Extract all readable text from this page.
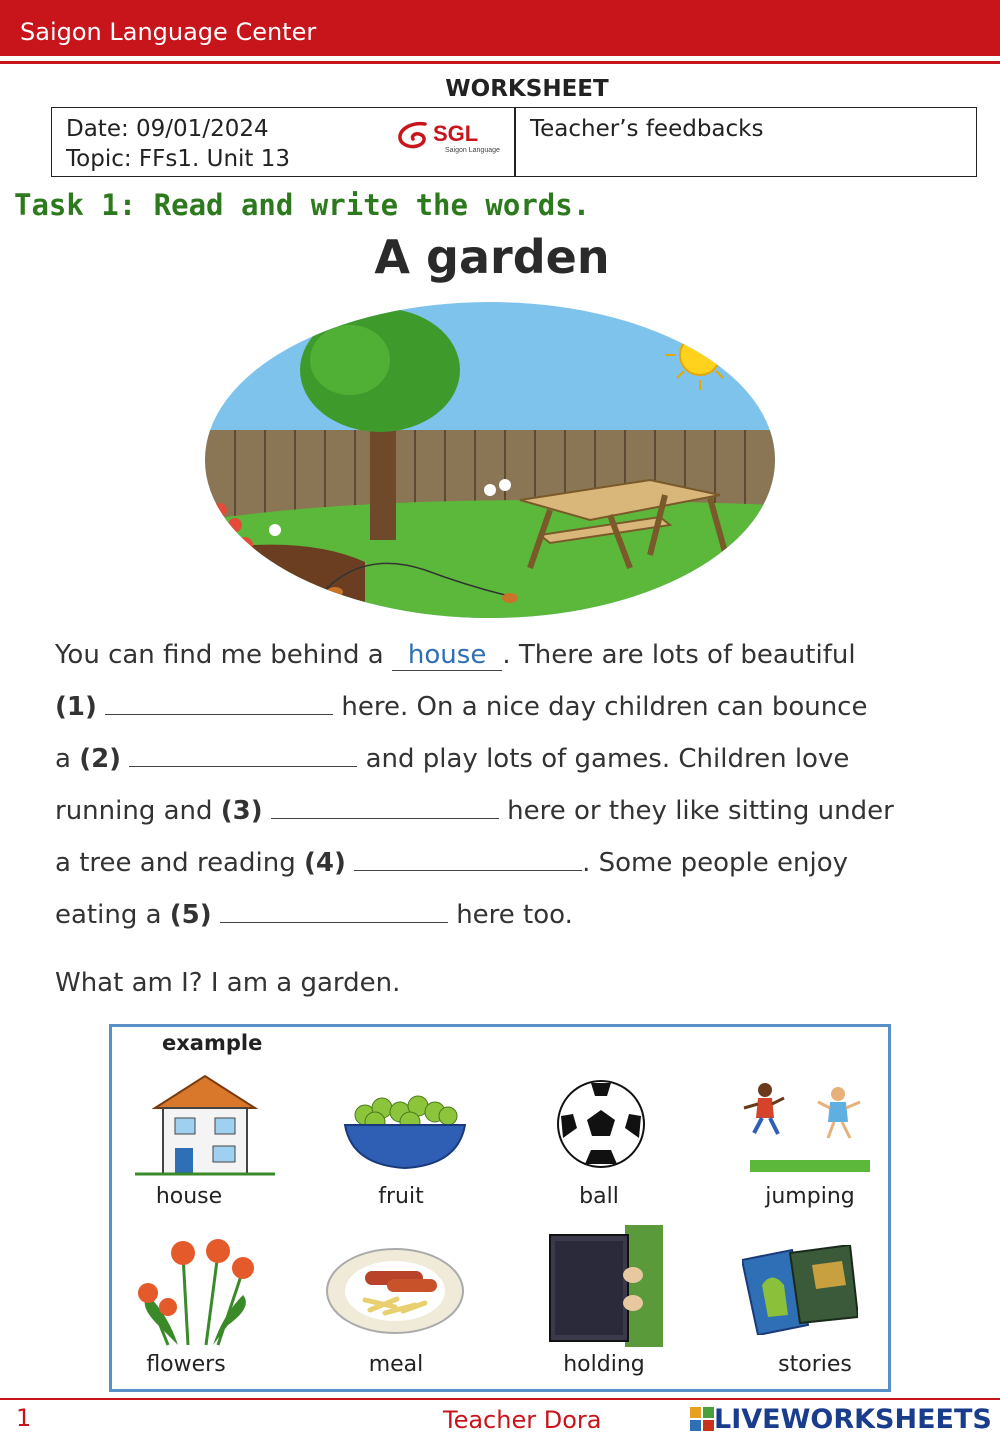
Saigon Language Center
WORKSHEET
Date: 09/01/2024
Topic: FFs1. Unit 13
SGL
Saigon Language
Teacher’s feedbacks
Task 1: Read and write the words.
A garden
You can find me behind a house . There are lots of beautiful
(1)	here. On a nice day children can bounce
a (2)	and play lots of games. Children love
running and (3)	here or they like sitting under
a tree and reading (4)	. Some people enjoy
eating a (5)	here too.
What am I? I am a garden.
example
house	fruit	ball	jumping
flowers	meal	holding	stories
1	Teacher Dora	LIVEWORKSHEETS
